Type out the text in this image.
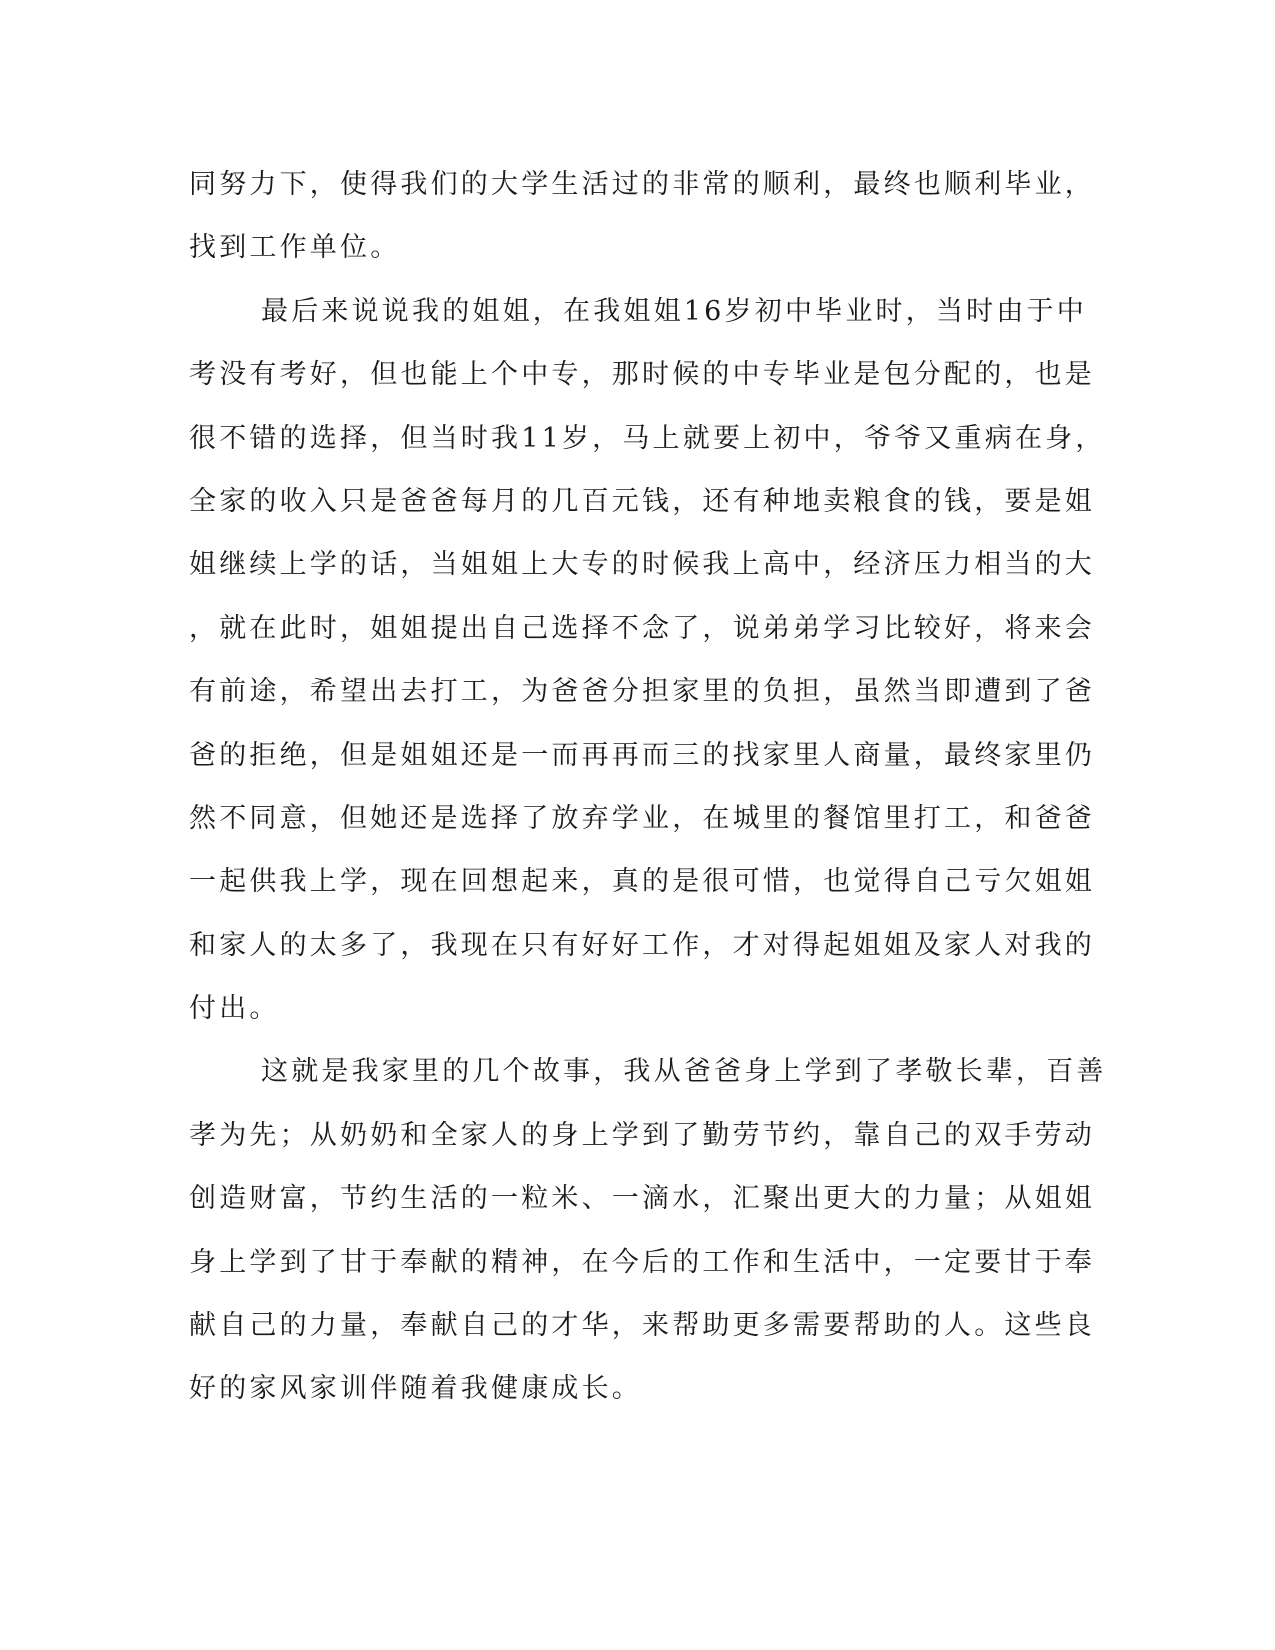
同努力下，使得我们的大学生活过的非常的顺利，最终也顺利毕业，
找到工作单位。
最后来说说我的姐姐，在我姐姐16岁初中毕业时，当时由于中
考没有考好，但也能上个中专，那时候的中专毕业是包分配的，也是
很不错的选择，但当时我11岁，马上就要上初中，爷爷又重病在身，
全家的收入只是爸爸每月的几百元钱，还有种地卖粮食的钱，要是姐
姐继续上学的话，当姐姐上大专的时候我上高中，经济压力相当的大
，就在此时，姐姐提出自己选择不念了，说弟弟学习比较好，将来会
有前途，希望出去打工，为爸爸分担家里的负担，虽然当即遭到了爸
爸的拒绝，但是姐姐还是一而再再而三的找家里人商量，最终家里仍
然不同意，但她还是选择了放弃学业，在城里的餐馆里打工，和爸爸
一起供我上学，现在回想起来，真的是很可惜，也觉得自己亏欠姐姐
和家人的太多了，我现在只有好好工作，才对得起姐姐及家人对我的
付出。
这就是我家里的几个故事，我从爸爸身上学到了孝敬长辈，百善
孝为先；从奶奶和全家人的身上学到了勤劳节约，靠自己的双手劳动
创造财富，节约生活的一粒米、一滴水，汇聚出更大的力量；从姐姐
身上学到了甘于奉献的精神，在今后的工作和生活中，一定要甘于奉
献自己的力量，奉献自己的才华，来帮助更多需要帮助的人。这些良
好的家风家训伴随着我健康成长。
